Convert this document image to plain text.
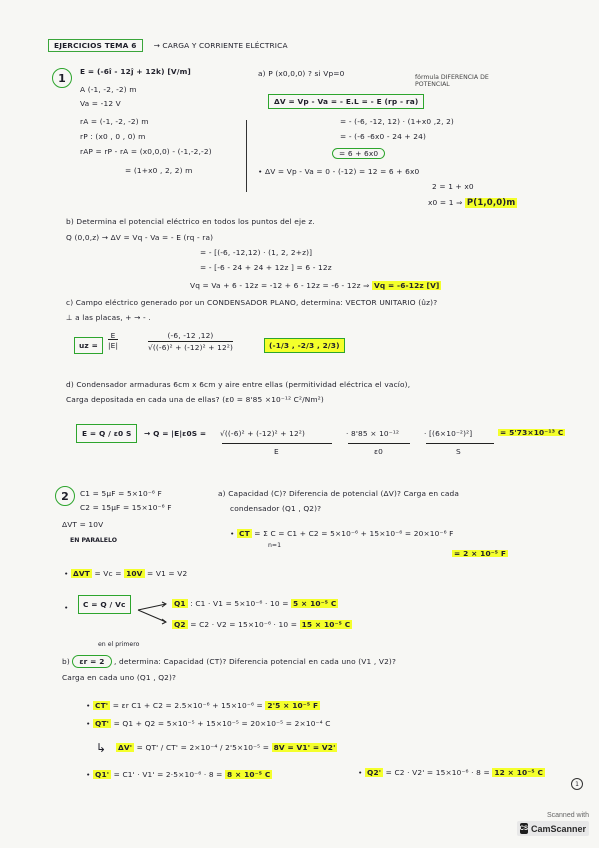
EJERCICIOS TEMA 6 → CARGA Y CORRIENTE ELÉCTRICA
1	E = (-6î - 12ĵ + 12k) [V/m]
A (-1, -2, -2) m
Va = -12 V
rA = (-1, -2, -2) m
rP : (x0 , 0 , 0) m
rAP = rP - rA = (x0,0,0) - (-1,-2,-2)
= (1+x0 , 2, 2) m
a) P (x0,0,0) ? si Vp=0	fórmula DIFERENCIA DE POTENCIAL
ΔV = Vp - Va = - E.L = - E (rp - ra)
= - (-6, -12, 12) · (1+x0 ,2, 2)
= - (-6 -6x0 - 24 + 24)
= 6 + 6x0
• ΔV = Vp - Va = 0 - (-12) = 12 = 6 + 6x0
2 = 1 + x0
x0 = 1 ⇒ P(1,0,0)m
b) Determina el potencial eléctrico en todos los puntos del eje z.
Q (0,0,z) → ΔV = Vq - Va = - E (rq - ra)
= - [(-6, -12,12) · (1, 2, 2+z)]
= - [-6 - 24 + 24 + 12z ] = 6 - 12z
Vq = Va + 6 - 12z = -12 + 6 - 12z = -6 - 12z ⇒ Vq = -6-12z [V]
c) Campo eléctrico generado por un CONDENSADOR PLANO, determina: VECTOR UNITARIO (ûz)?
⊥ a las placas, + → - .
uz =	$\frac{E}{|E|}$	$\frac{(-6, -12 ,12)}{\text{√((-6)² + (-12)² + 12²)}}$	(-1/3 , -2/3 , 2/3)
d) Condensador armaduras 6cm x 6cm y aire entre ellas (permitividad eléctrica el vacío),
Carga depositada en cada una de ellas? (ε0 = 8'85 ×10⁻¹² C²/Nm²)
E = Q / ε0 S	→ Q = |E|ε0S = √((-6)² + (-12)² + 12²)	· 8'85 × 10⁻¹²	· [(6×10⁻²)²]	= 5'73×10⁻¹³ C
E	ε0	S
2	C1 = 5μF = 5×10⁻⁶ F
C2 = 15μF = 15×10⁻⁶ F
ΔVT = 10V
EN PARALELO
a) Capacidad (C)? Diferencia de potencial (ΔV)? Carga en cada
condensador (Q1 , Q2)?
• CT = Σ C = C1 + C2 = 5×10⁻⁶ + 15×10⁻⁶ = 20×10⁻⁶ F
n=1
= 2 × 10⁻⁵ F
• ΔVT = Vc = 10V = V1 = V2
•	C = Q / Vc	Q1 : C1 · V1 = 5×10⁻⁶ · 10 = 5 × 10⁻⁵ C
Q2 = C2 · V2 = 15×10⁻⁶ · 10 = 15 × 10⁻⁵ C
en el primero
b) εr = 2 , determina: Capacidad (CT)? Diferencia potencial en cada uno (V1 , V2)?
Carga en cada uno (Q1 , Q2)?
• CT' = εr C1 + C2 = 2.5×10⁻⁶ + 15×10⁻⁶ = 2'5 × 10⁻⁵ F
• QT' = Q1 + Q2 = 5×10⁻⁵ + 15×10⁻⁵ = 20×10⁻⁵ = 2×10⁻⁴ C
↳ ΔV' = QT' / CT' = 2×10⁻⁴ / 2'5×10⁻⁵ = 8V = V1' = V2'
• Q1' = C1' · V1' = 2·5×10⁻⁶ · 8 = 8 × 10⁻⁵ C	• Q2' = C2 · V2' = 15×10⁻⁶ · 8 = 12 × 10⁻⁵ C
1
Scanned with
CS CamScanner
